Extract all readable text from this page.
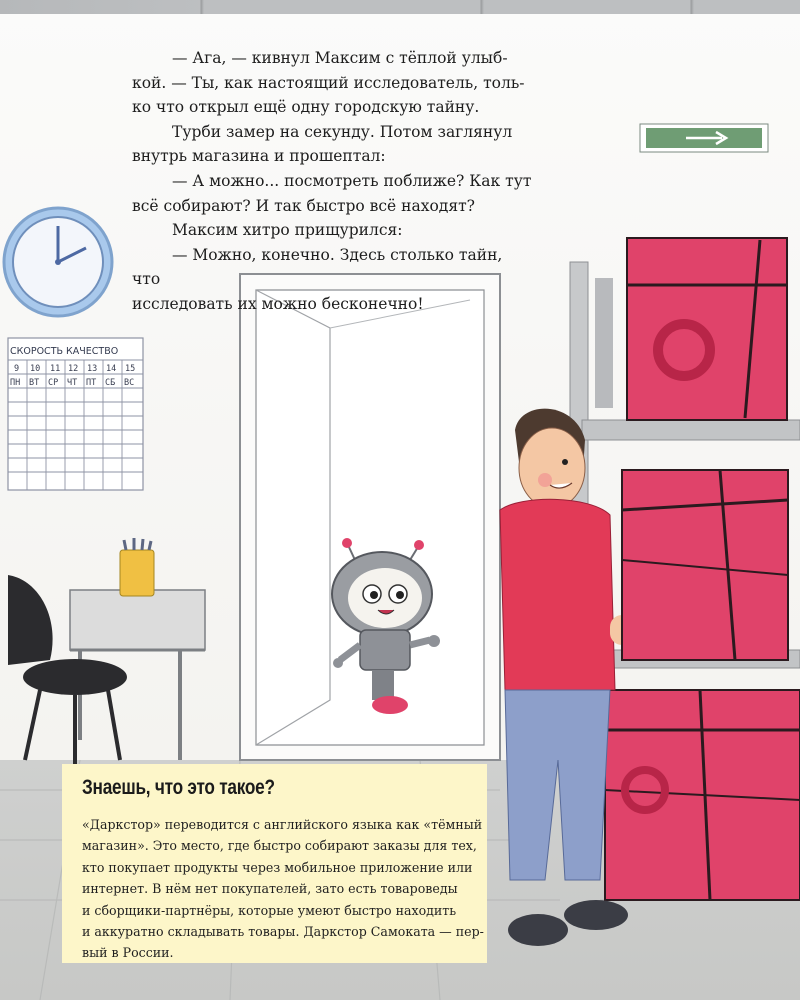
СКОРОСТЬ КАЧЕСТВО
9 10 11 12 13 14 15
ПН ВТ СР ЧТ ПТ СБ ВС

— Ага, — кивнул Максим с тёплой улыб-

кой. — Ты, как настоящий исследователь, толь-

ко что открыл ещё одну городскую тайну.

Турби замер на секунду. Потом заглянул

внутрь магазина и прошептал:

— А можно... посмотреть поближе? Как тут

всё собирают? И так быстро всё находят?

Максим хитро прищурился:

— Можно, конечно. Здесь столько тайн, что

исследовать их можно бесконечно!

Знаешь, что это такое?
«Даркстор» переводится с английского языка как «тёмный
магазин». Это место, где быстро собирают заказы для тех,
кто покупает продукты через мобильное приложение или
интернет. В нём нет покупателей, зато есть товароведы
и сборщики-партнёры, которые умеют быстро находить
и аккуратно складывать товары. Даркстор Самоката — пер-
вый в России.
